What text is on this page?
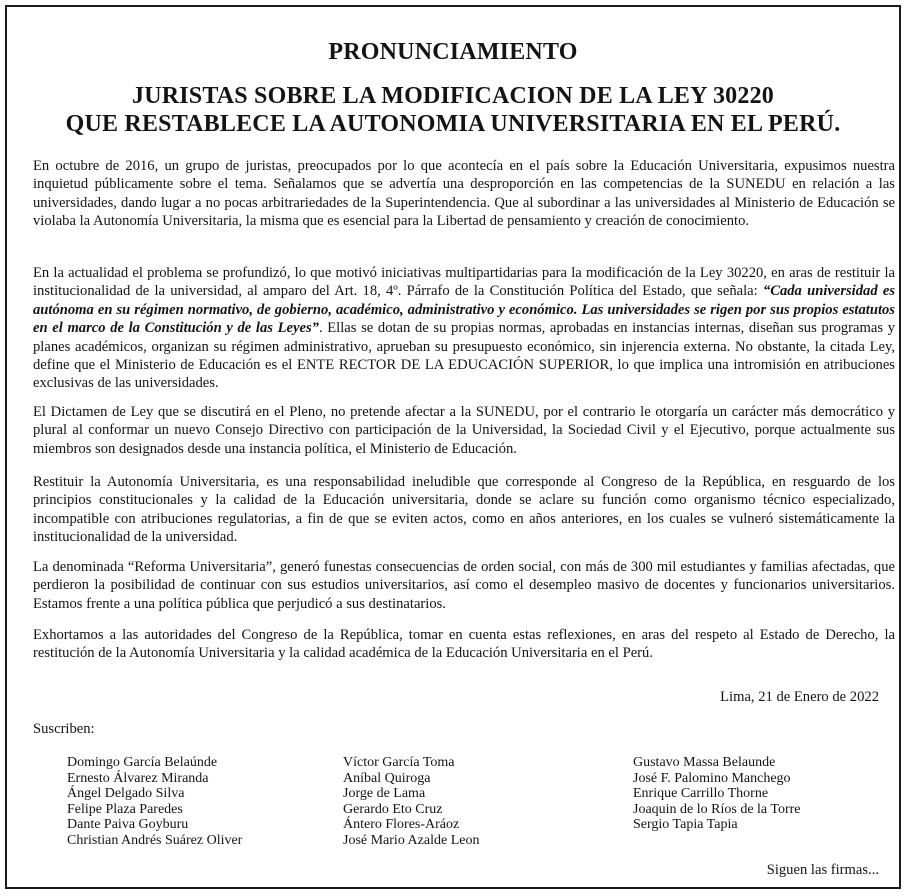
PRONUNCIAMIENTO
JURISTAS SOBRE LA MODIFICACION DE LA LEY 30220
QUE RESTABLECE LA AUTONOMIA UNIVERSITARIA EN EL PERÚ.

En octubre de 2016, un grupo de juristas, preocupados por lo que acontecía en el país sobre la Educación Universitaria, expusimos nuestra inquietud públicamente sobre el tema. Señalamos que se advertía una desproporción en las competencias de la SUNEDU en relación a las universidades, dando lugar a no pocas arbitrariedades de la Superintendencia. Que al subordinar a las universidades al Ministerio de Educación se violaba la Autonomía Universitaria, la misma que es esencial para la Libertad de pensamiento y creación de conocimiento.

En la actualidad el problema se profundizó, lo que motivó iniciativas multipartidarias para la modificación de la Ley 30220, en aras de restituir la institucionalidad de la universidad, al amparo del Art. 18, 4º. Párrafo de la Constitución Política del Estado, que señala: “Cada universidad es autónoma en su régimen normativo, de gobierno, académico, administrativo y económico. Las universidades se rigen por sus propios estatutos en el marco de la Constitución y de las Leyes”. Ellas se dotan de su propias normas, aprobadas en instancias internas, diseñan sus programas y planes académicos, organizan su régimen administrativo, aprueban su presupuesto económico, sin injerencia externa. No obstante, la citada Ley, define que el Ministerio de Educación es el ENTE RECTOR DE LA EDUCACIÓN SUPERIOR, lo que implica una intromisión en atribuciones exclusivas de las universidades.

El Dictamen de Ley que se discutirá en el Pleno, no pretende afectar a la SUNEDU, por el contrario le otorgaría un carácter más democrático y plural al conformar un nuevo Consejo Directivo con participación de la Universidad, la Sociedad Civil y el Ejecutivo, porque actualmente sus miembros son designados desde una instancia política, el Ministerio de Educación.

Restituir la Autonomía Universitaria, es una responsabilidad ineludible que corresponde al Congreso de la República, en resguardo de los principios constitucionales y la calidad de la Educación universitaria, donde se aclare su función como organismo técnico especializado, incompatible con atribuciones regulatorias, a fin de que se eviten actos, como en años anteriores, en los cuales se vulneró sistemáticamente la institucionalidad de la universidad.

La denominada “Reforma Universitaria”, generó funestas consecuencias de orden social, con más de 300 mil estudiantes y familias afectadas, que perdieron la posibilidad de continuar con sus estudios universitarios, así como el desempleo masivo de docentes y funcionarios universitarios. Estamos frente a una política pública que perjudicó a sus destinatarios.

Exhortamos a las autoridades del Congreso de la República, tomar en cuenta estas reflexiones, en aras del respeto al Estado de Derecho, la restitución de la Autonomía Universitaria y la calidad académica de la Educación Universitaria en el Perú.

Lima, 21 de Enero de 2022
Suscriben:
Domingo García Belaúnde
Ernesto Álvarez Miranda
Ángel Delgado Silva
Felipe Plaza Paredes
Dante Paiva Goyburu
Christian Andrés Suárez Oliver
Víctor García Toma
Aníbal Quiroga
Jorge de Lama
Gerardo Eto Cruz
Ántero Flores-Aráoz
José Mario Azalde Leon
Gustavo Massa Belaunde
José F. Palomino Manchego
Enrique Carrillo Thorne
Joaquin de lo Ríos de la Torre
Sergio Tapia Tapia
Siguen las firmas...
